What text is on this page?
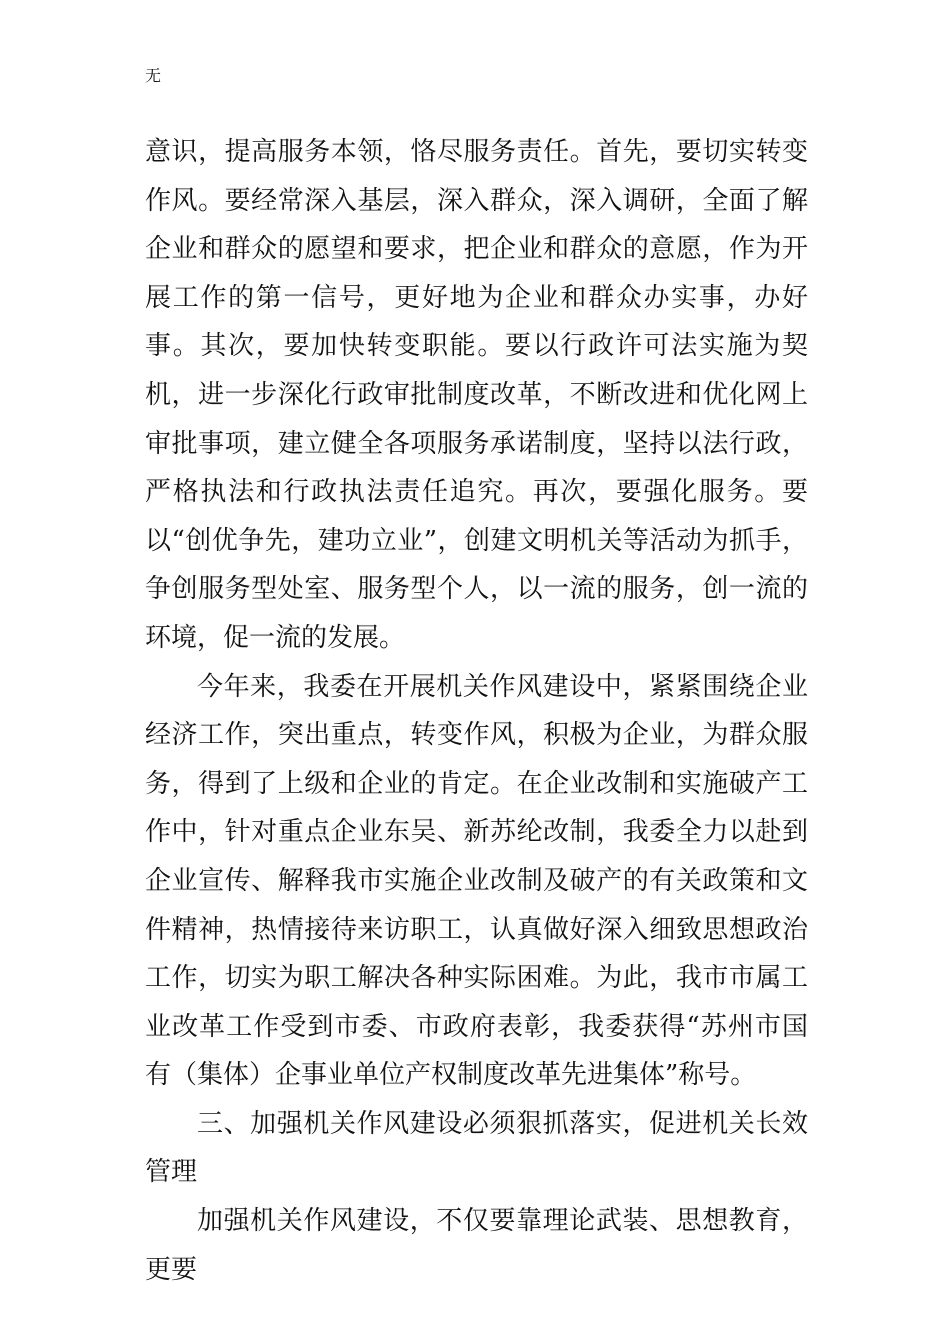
无

意识，提高服务本领，恪尽服务责任。首先，要切实转变作风。要经常深入基层，深入群众，深入调研，全面了解企业和群众的愿望和要求，把企业和群众的意愿，作为开展工作的第一信号，更好地为企业和群众办实事，办好事。其次，要加快转变职能。要以行政许可法实施为契机，进一步深化行政审批制度改革，不断改进和优化网上审批事项，建立健全各项服务承诺制度，坚持以法行政，严格执法和行政执法责任追究。再次，要强化服务。要以“创优争先，建功立业”，创建文明机关等活动为抓手，争创服务型处室、服务型个人，以一流的服务，创一流的环境，促一流的发展。

今年来，我委在开展机关作风建设中，紧紧围绕企业经济工作，突出重点，转变作风，积极为企业，为群众服务，得到了上级和企业的肯定。在企业改制和实施破产工作中，针对重点企业东吴、新苏纶改制，我委全力以赴到企业宣传、解释我市实施企业改制及破产的有关政策和文件精神，热情接待来访职工，认真做好深入细致思想政治工作，切实为职工解决各种实际困难。为此，我市市属工业改革工作受到市委、市政府表彰，我委获得“苏州市国有（集体）企事业单位产权制度改革先进集体”称号。

三、加强机关作风建设必须狠抓落实，促进机关长效管理

加强机关作风建设，不仅要靠理论武装、思想教育，更要
